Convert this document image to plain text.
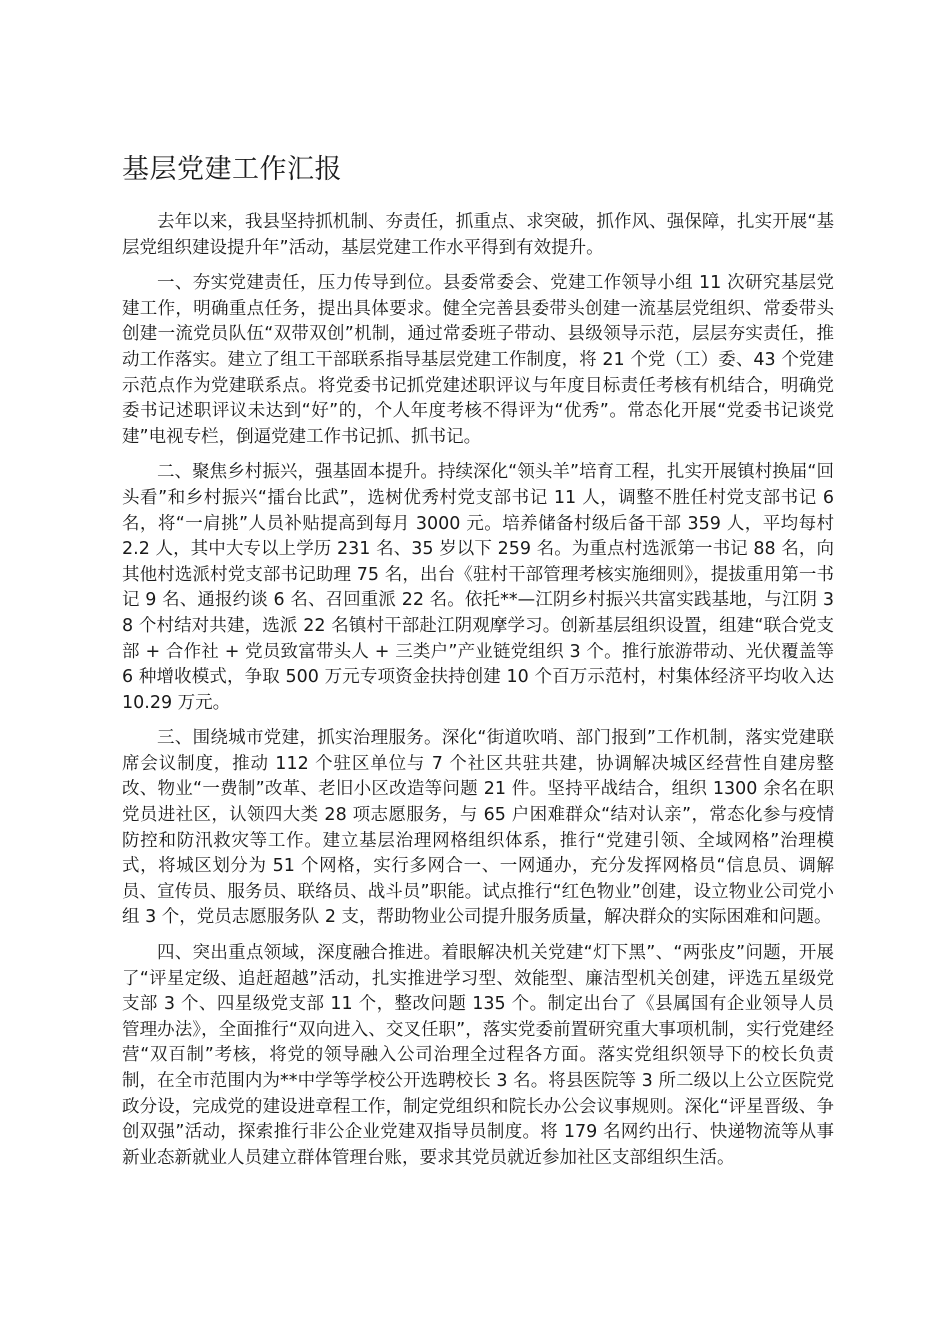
基层党建工作汇报

去年以来，我县坚持抓机制、夯责任，抓重点、求突破，抓作风、强保障，扎实开展“基层党组织建设提升年”活动，基层党建工作水平得到有效提升。

一、夯实党建责任，压力传导到位。县委常委会、党建工作领导小组 11 次研究基层党建工作，明确重点任务，提出具体要求。健全完善县委带头创建一流基层党组织、常委带头创建一流党员队伍“双带双创”机制，通过常委班子带动、县级领导示范，层层夯实责任，推动工作落实。建立了组工干部联系指导基层党建工作制度，将 21 个党（工）委、43 个党建示范点作为党建联系点。将党委书记抓党建述职评议与年度目标责任考核有机结合，明确党委书记述职评议未达到“好”的，个人年度考核不得评为“优秀”。常态化开展“党委书记谈党建”电视专栏，倒逼党建工作书记抓、抓书记。

二、聚焦乡村振兴，强基固本提升。持续深化“领头羊”培育工程，扎实开展镇村换届“回头看”和乡村振兴“擂台比武”，选树优秀村党支部书记 11 人，调整不胜任村党支部书记 6 名，将“一肩挑”人员补贴提高到每月 3000 元。培养储备村级后备干部 359 人，平均每村 2.2 人，其中大专以上学历 231 名、35 岁以下 259 名。为重点村选派第一书记 88 名，向其他村选派村党支部书记助理 75 名，出台《驻村干部管理考核实施细则》，提拔重用第一书记 9 名、通报约谈 6 名、召回重派 22 名。依托**—江阴乡村振兴共富实践基地，与江阴 38 个村结对共建，选派 22 名镇村干部赴江阴观摩学习。创新基层组织设置，组建“联合党支部 + 合作社 + 党员致富带头人 + 三类户”产业链党组织 3 个。推行旅游带动、光伏覆盖等 6 种增收模式，争取 500 万元专项资金扶持创建 10 个百万示范村，村集体经济平均收入达 10.29 万元。

三、围绕城市党建，抓实治理服务。深化“街道吹哨、部门报到”工作机制，落实党建联席会议制度，推动 112 个驻区单位与 7 个社区共驻共建，协调解决城区经营性自建房整改、物业“一费制”改革、老旧小区改造等问题 21 件。坚持平战结合，组织 1300 余名在职党员进社区，认领四大类 28 项志愿服务，与 65 户困难群众“结对认亲”，常态化参与疫情防控和防汛救灾等工作。建立基层治理网格组织体系，推行“党建引领、全域网格”治理模式，将城区划分为 51 个网格，实行多网合一、一网通办，充分发挥网格员“信息员、调解员、宣传员、服务员、联络员、战斗员”职能。试点推行“红色物业”创建，设立物业公司党小组 3 个，党员志愿服务队 2 支，帮助物业公司提升服务质量，解决群众的实际困难和问题。

四、突出重点领域，深度融合推进。着眼解决机关党建“灯下黑”、“两张皮”问题，开展了“评星定级、追赶超越”活动，扎实推进学习型、效能型、廉洁型机关创建，评选五星级党支部 3 个、四星级党支部 11 个，整改问题 135 个。制定出台了《县属国有企业领导人员管理办法》，全面推行“双向进入、交叉任职”，落实党委前置研究重大事项机制，实行党建经营“双百制”考核，将党的领导融入公司治理全过程各方面。落实党组织领导下的校长负责制，在全市范围内为**中学等学校公开选聘校长 3 名。将县医院等 3 所二级以上公立医院党政分设，完成党的建设进章程工作，制定党组织和院长办公会议事规则。深化“评星晋级、争创双强”活动，探索推行非公企业党建双指导员制度。将 179 名网约出行、快递物流等从事新业态新就业人员建立群体管理台账，要求其党员就近参加社区支部组织生活。
